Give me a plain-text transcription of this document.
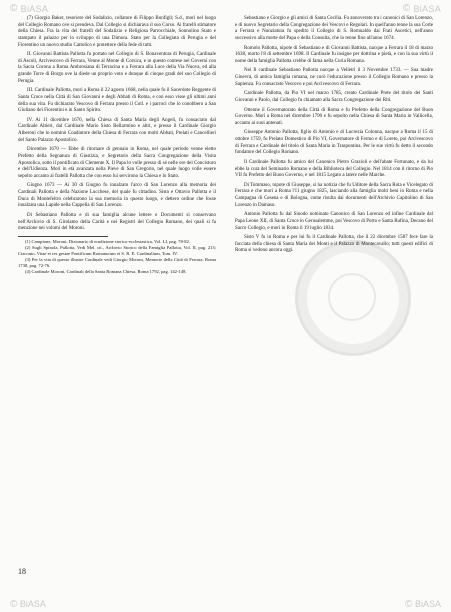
© BiASA	© BiASA

(7) Giorgio Baker, tesoriere del Sodalizio, collatore di Filippo Bonfigli; S.d., morì nel luogo del Collegio Romano ove si prendeva. Dal Collegio si dichiarava il suo Corso. Ai fratelli stimatore della Chiesa. Fra la vita dei fratelli del Sodalizio e Religiosa Parrocchiale, Sonnolino Stato e stampato il palazzo per lo sviluppo di una Dimora. Stato per la Collegiata di Perugia e del Fiorentino un nuovo studio Cattolico e protettore della fede di tutti.

II. Giovanni Battista Pallotta fu portato nel Collegio di S. Bonaventura di Perugia, Cardinale di Ascoli, Arcivescovo di Ferrara, Venne al Monte di Corsica, e in questo contese nei Governi con la Sacra Corona a Roma Ambrosiana di Terracina e a Ferrara alla Luce della Via Nuova, ed alla grande Torre di Borgo ove la diede un proprio voto e dunque di cinque gradi del suo Collegio di Perugia.

III. Cardinale Pallotta, morì a Roma il 22 agosto 1668, nella quale fu il Sacerdote Reggente di Santa Croce nella Città di San Giovanni e degli Abbati di Roma, e con esso visse gli ultimi anni della sua vita. Fu dichiarato Vescovo di Ferrara presso il Coll. e i parroci che lo conobbero a San Giuliano dei Fiorentini e in Santo Spirito.

IV. Ai 11 dicembre 1670, nella Chiesa di Santa Maria degli Angeli, fu consacrato dal Cardinale Altieri, dal Cardinale Mario Sisto Bellarmino e altri, e presso il Cardinale Giorgio Alberoni che lo nominò Coadiutore della Chiesa di Ferrara con molti Abbati, Prelati e Cancellieri del Santo Palazzo Apostolico.

Dicembre 1670 — Ebbe di ritornare di gennaio in Roma, nel quale periodo venne eletto Prefetto della Segnatura di Giustizia, e Segretario della Sacra Congregazione della Visita Apostolica, sotto il pontificato di Clemente X. Il Papa lo volle presso di sé nelle ore del Concistoro e dell'Udienza. Morì in età avanzata nella Pieve di San Gregorio, nel quale luogo volle essere sepolto accanto ai fratelli Pallotta che con esso lui servirono la Chiesa e lo Stato.

Giugno 1673 — Ai 30 di Giugno fu innalzato l'arco di San Lorenzo alla memoria dei Cardinali Pallotta e della Nazione Lucchese, del quale fu cittadino. Sisto e Ottavio Pallotta e il Duca di Montefeltro celebrarono la sua memoria in questo luogo, e dettero ordine che fosse innalzata una Lapide nella Cappella di San Lorenzo.

Di Sebastiano Pallotta e di sua famiglia alcune lettere e Documenti si conservano nell'Archivio di S. Girolamo della Carità e nei Registri del Collegio Romano, dei quali si fa menzione nei volumi del Moroni.

(1) Campione, Moroni, Dizionario di erudizione storico-ecclesiastica, Vol. LI, pag. 78-82.

(2) Sugli Spinola, Pallotta, Vedi Mel. cit., Archivio Storico della Famiglia Pallotta, Vol. II, pag. 213; Ciaconio, Vitae et res gestae Pontificum Romanorum et S. R. E. Cardinalium, Tom. IV.

(3) Per la vita di questo illustre Cardinale vedi Giorgio Moroni, Memorie della Città di Ferrara, Roma 1738, pag. 72-76.

(4) Cardinale Moroni, Cardinali della Santa Romana Chiesa, Roma 1792, pag. 142-148.

Sebastiano e Giorgio e gli amici di Santa Cecilia. Fu annoverato tra i canonici di San Lorenzo, e di nuovo Segretario della Congregazione dei Vescovi e Regolari. In quell'anno tenne la sua Corte a Ferrara e Nunziatura fu spedito il Collegio di S. Romualdo dai Frati Ascetici, nell'anno successivo alla morte del Papa e della Consulta, che lo tenne fino all'anno 1674.

Romolo Pallotta, nipote di Sebastiano e di Giovanni Battista, nacque a Ferrara il 18 di marzo 1638, morto l'8 di settembre 1698. Il Cardinale fu insigne per dottrina e pietà, e con la sua virtù il nome della famiglia Pallotta crebbe di fama nella Curia Romana.

Nel Il cardinale Sebastiano Pallotta nacque a Velletri il 3 Novembre 1733. — Sua madre Ginevra, di antica famiglia romana, ne curò l'educazione presso il Collegio Romano e presso la Sapienza. Fu consacrato Vescovo e poi Arcivescovo di Ferrara.

Cardinale Pallotta, da Pio VI nel marzo 1785, creato Cardinale Prete del titolo dei Santi Giovanni e Paolo, dal Collegio fu chiamato alla Sacra Congregazione dei Riti.

Ottenne il Governatorato della Città di Roma e fu Prefetto della Congregazione del Buon Governo. Morì a Roma nel dicembre 1790 e fu sepolto nella Chiesa di Santa Maria in Vallicella, accanto ai suoi antenati.

Giuseppe Antonio Pallotta, figlio di Antonio e di Lucrezia Colonna, nacque a Roma il 15 di ottobre 1759, fu Prelato Domestico di Pio VI, Governatore di Fermo e di Loreto, poi Arcivescovo di Ferrara e Cardinale del titolo di Santa Maria in Traspontina. Per le sue virtù fu detto il secondo fondatore del Collegio Romano.

Il Cardinale Pallotta fu amico del Canonico Pietro Grazioli e dell'abate Fortunato, e da lui ebbe la cura del Seminario Romano e della Biblioteca del Collegio. Nel 1814 con il ritorno di Pio VII fu Prefetto del Buon Governo, e nel 1815 Legato a latere nelle Marche.

Di Tommaso, nipote di Giuseppe, si ha notizia che fu Uditore della Sacra Rota e Vicelegato di Ferrara e che morì a Roma l'11 giugno 1825, lasciando alla famiglia molti beni in Roma e nella Campagna di Cesena e di Bologna, come risulta dai documenti dell'Archivio Capitolino di San Lorenzo in Damaso.

Antonio Pallotta fu dal Sinodo nominato Canonico di San Lorenzo ed infine Cardinale dal Papa Leone XII, di Santa Croce in Gerusalemme, poi Vescovo di Porto e Santa Rufina, Decano del Sacro Collegio, e morì in Roma il 19 luglio 1834.

Sisto V fu in Roma e per lui fu il Cardinale Pallotta, che il 22 dicembre 1587 fece fare la facciata della chiesa di Santa Maria dei Monti e il Palazzo di Montecavallo; tutti questi edifici di Roma si vedono ancora oggi.

18
© BiASA	© BiASA
